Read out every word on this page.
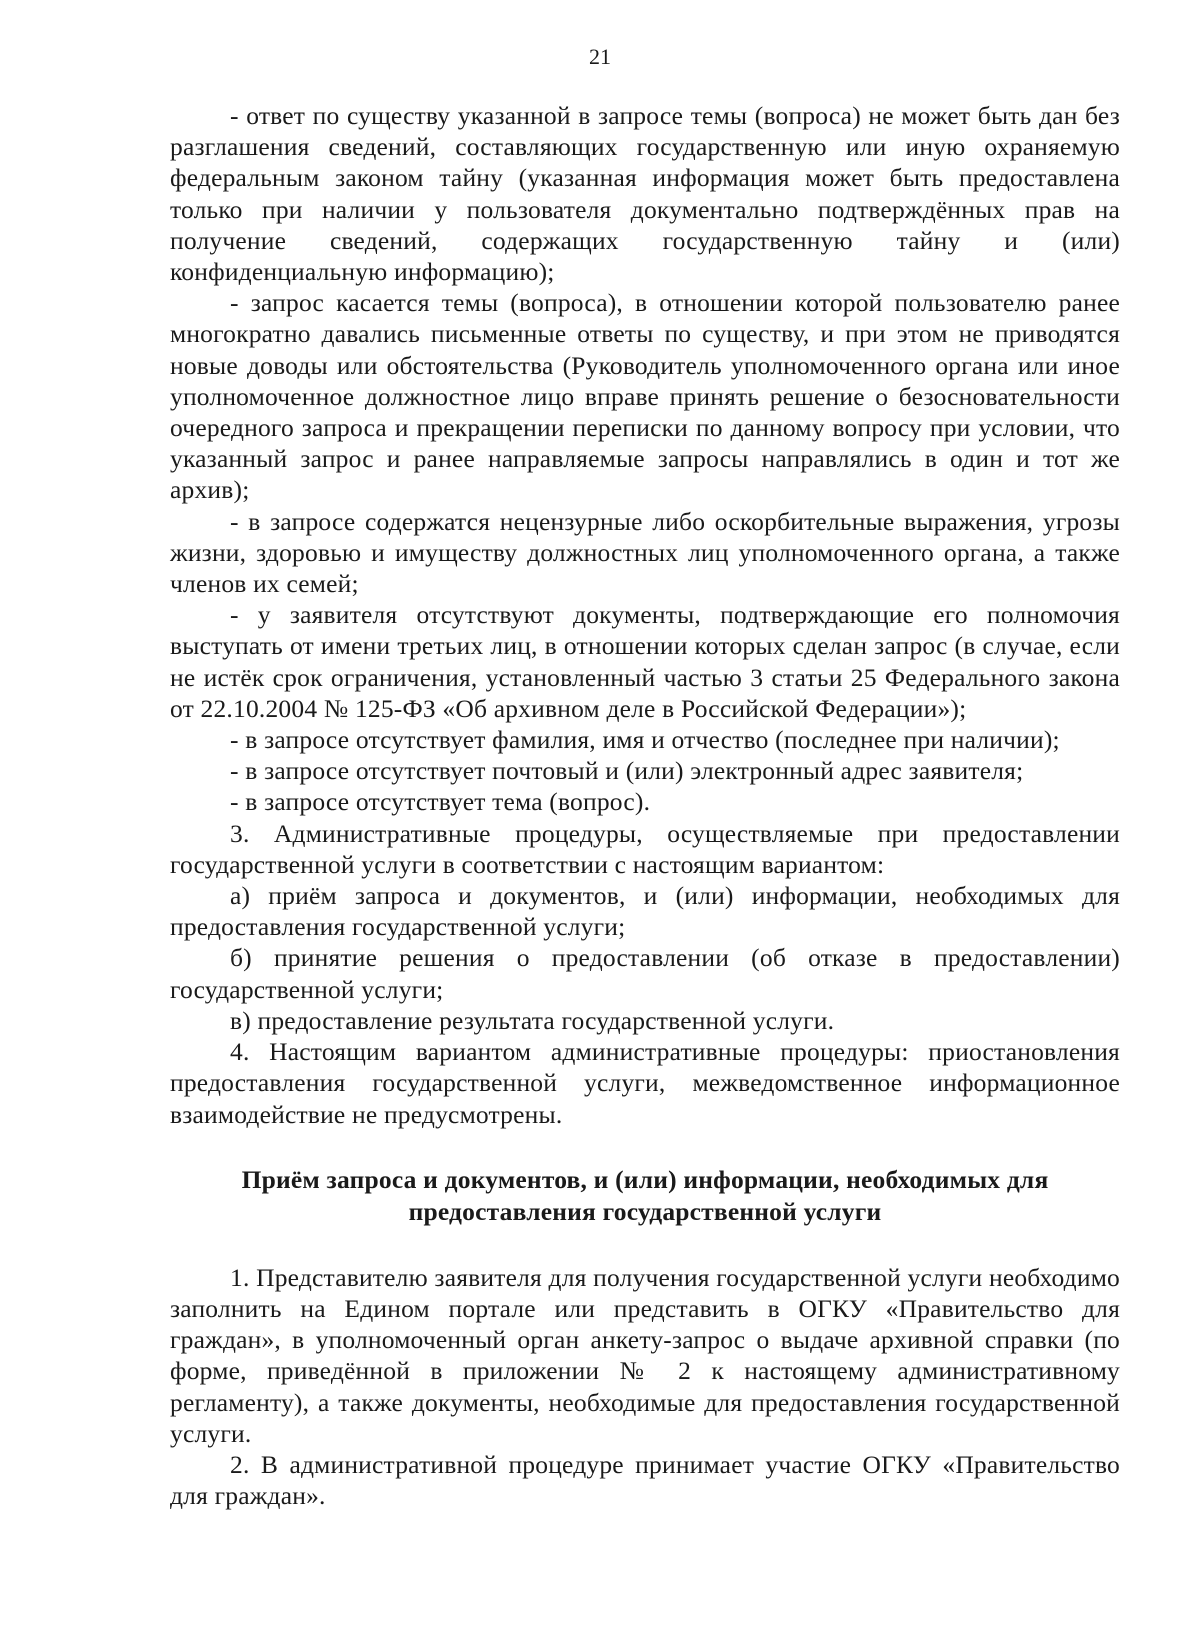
21

- ответ по существу указанной в запросе темы (вопроса) не может быть дан без разглашения сведений, составляющих государственную или иную охраняемую федеральным законом тайну (указанная информация может быть предоставлена только при наличии у пользователя документально подтверждённых прав на получение сведений, содержащих государственную тайну и (или) конфиденциальную информацию);

- запрос касается темы (вопроса), в отношении которой пользователю ранее многократно давались письменные ответы по существу, и при этом не приводятся новые доводы или обстоятельства (Руководитель уполномоченного органа или иное уполномоченное должностное лицо вправе принять решение о безосновательности очередного запроса и прекращении переписки по данному вопросу при условии, что указанный запрос и ранее направляемые запросы направлялись в один и тот же архив);

- в запросе содержатся нецензурные либо оскорбительные выражения, угрозы жизни, здоровью и имуществу должностных лиц уполномоченного органа, а также членов их семей;

- у заявителя отсутствуют документы, подтверждающие его полномочия выступать от имени третьих лиц, в отношении которых сделан запрос (в случае, если не истёк срок ограничения, установленный частью 3 статьи 25 Федерального закона от 22.10.2004 № 125-ФЗ «Об архивном деле в Российской Федерации»);

- в запросе отсутствует фамилия, имя и отчество (последнее при наличии);

- в запросе отсутствует почтовый и (или) электронный адрес заявителя;

- в запросе отсутствует тема (вопрос).

3. Административные процедуры, осуществляемые при предоставлении государственной услуги в соответствии с настоящим вариантом:

а) приём запроса и документов, и (или) информации, необходимых для предоставления государственной услуги;

б) принятие решения о предоставлении (об отказе в предоставлении) государственной услуги;

в) предоставление результата государственной услуги.

4. Настоящим вариантом административные процедуры: приостановления предоставления государственной услуги, межведомственное информационное взаимодействие не предусмотрены.

Приём запроса и документов, и (или) информации, необходимых для
предоставления государственной услуги

1. Представителю заявителя для получения государственной услуги необходимо заполнить на Едином портале или представить в ОГКУ «Правительство для граждан», в уполномоченный орган анкету-запрос о выдаче архивной справки (по форме, приведённой в приложении № 2 к настоящему административному регламенту), а также документы, необходимые для предоставления государственной услуги.

2. В административной процедуре принимает участие ОГКУ «Правительство для граждан».
